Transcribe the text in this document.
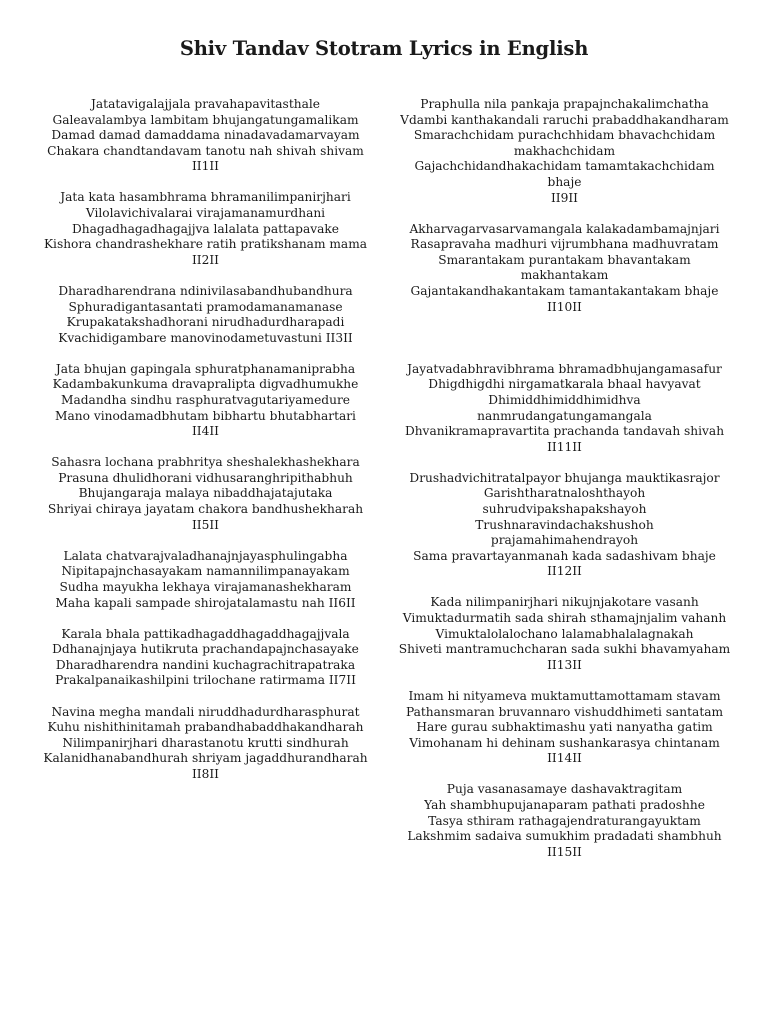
Shiv Tandav Stotram Lyrics in English
Jatatavigalajjala pravahapavitasthale
Galeavalambya lambitam bhujangatungamalikam
Damad damad damaddama ninadavadamarvayam
Chakara chandtandavam tanotu nah shivah shivam
II1II
Jata kata hasambhrama bhramanilimpanirjhari
Vilolavichivalarai virajamanamurdhani
Dhagadhagadhagajjva lalalata pattapavake
Kishora chandrashekhare ratih pratikshanam mama
II2II
Dharadharendrana ndinivilasabandhubandhura
Sphuradigantasantati pramodamanamanase
Krupakatakshadhorani nirudhadurdharapadi
Kvachidigambare manovinodametuvastuni II3II
Jata bhujan gapingala sphuratphanamaniprabha
Kadambakunkuma dravapralipta digvadhumukhe
Madandha sindhu rasphuratvagutariyamedure
Mano vinodamadbhutam bibhartu bhutabhartari
II4II
Sahasra lochana prabhritya sheshalekhashekhara
Prasuna dhulidhorani vidhusaranghripithabhuh
Bhujangaraja malaya nibaddhajatajutaka
Shriyai chiraya jayatam chakora bandhushekharah
II5II
Lalata chatvarajvaladhanajnjayasphulingabha
Nipitapajnchasayakam namannilimpanayakam
Sudha mayukha lekhaya virajamanashekharam
Maha kapali sampade shirojatalamastu nah II6II
Karala bhala pattikadhagaddhagaddhagajjvala
Ddhanajnjaya hutikruta prachandapajnchasayake
Dharadharendra nandini kuchagrachitrapatraka
Prakalpanaikashilpini trilochane ratirmama II7II
Navina megha mandali niruddhadurdharasphurat
Kuhu nishithinitamah prabandhabaddhakandharah
Nilimpanirjhari dharastanotu krutti sindhurah
Kalanidhanabandhurah shriyam jagaddhurandharah
II8II
Praphulla nila pankaja prapajnchakalimchatha
Vdambi kanthakandali raruchi prabaddhakandharam
Smarachchidam purachchhidam bhavachchidam
makhachchidam
Gajachchidandhakachidam tamamtakachchidam
bhaje
II9II
Akharvagarvasarvamangala kalakadambamajnjari
Rasapravaha madhuri vijrumbhana madhuvratam
Smarantakam purantakam bhavantakam
makhantakam
Gajantakandhakantakam tamantakantakam bhaje
II10II
Jayatvadabhravibhrama bhramadbhujangamasafur
Dhigdhigdhi nirgamatkarala bhaal havyavat
Dhimiddhimiddhimidhva
nanmrudangatungamangala
Dhvanikramapravartita prachanda tandavah shivah
II11II
Drushadvichitratalpayor bhujanga mauktikasrajor
Garishtharatnaloshthayoh
suhrudvipakshapakshayoh
Trushnaravindachakshushoh
prajamahimahendrayoh
Sama pravartayanmanah kada sadashivam bhaje
II12II
Kada nilimpanirjhari nikujnjakotare vasanh
Vimuktadurmatih sada shirah sthamajnjalim vahanh
Vimuktalolalochano lalamabhalalagnakah
Shiveti mantramuchcharan sada sukhi bhavamyaham
II13II
Imam hi nityameva muktamuttamottamam stavam
Pathansmaran bruvannaro vishuddhimeti santatam
Hare gurau subhaktimashu yati nanyatha gatim
Vimohanam hi dehinam sushankarasya chintanam
II14II
Puja vasanasamaye dashavaktragitam
Yah shambhupujanaparam pathati pradoshhe
Tasya sthiram rathagajendraturangayuktam
Lakshmim sadaiva sumukhim pradadati shambhuh
II15II
